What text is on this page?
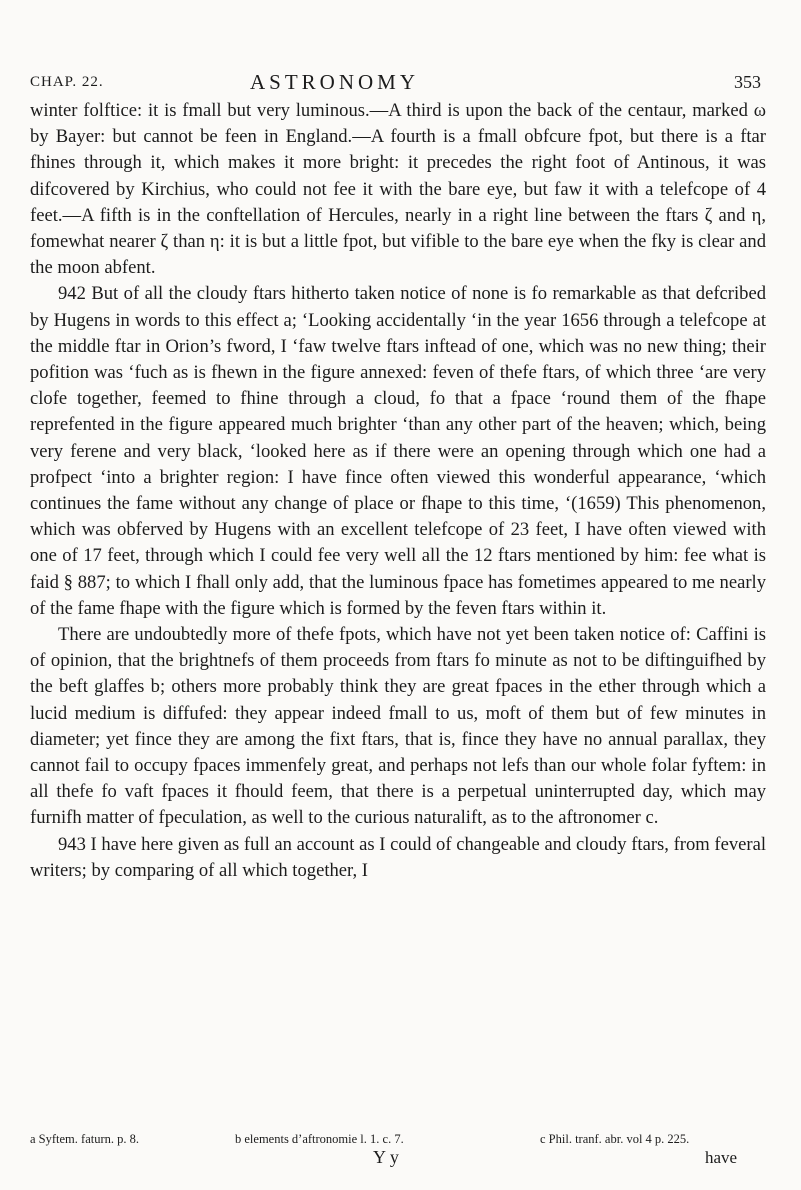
CHAP. 22.	ASTRONOMY	353

winter folftice: it is fmall but very luminous.—A third is upon the back of the centaur, marked ω by Bayer: but cannot be feen in England.—A fourth is a fmall obfcure fpot, but there is a ftar fhines through it, which makes it more bright: it precedes the right foot of Antinous, it was difcovered by Kirchius, who could not fee it with the bare eye, but faw it with a telefcope of 4 feet.—A fifth is in the conftellation of Hercules, nearly in a right line between the ftars ζ and η, fomewhat nearer ζ than η: it is but a little fpot, but vifible to the bare eye when the fky is clear and the moon abfent.

942 But of all the cloudy ftars hitherto taken notice of none is fo remarkable as that defcribed by Hugens in words to this effect a; ‘Looking accidentally ‘in the year 1656 through a telefcope at the middle ftar in Orion’s fword, I ‘faw twelve ftars inftead of one, which was no new thing; their pofition was ‘fuch as is fhewn in the figure annexed: feven of thefe ftars, of which three ‘are very clofe together, feemed to fhine through a cloud, fo that a fpace ‘round them of the fhape reprefented in the figure appeared much brighter ‘than any other part of the heaven; which, being very ferene and very black, ‘looked here as if there were an opening through which one had a profpect ‘into a brighter region: I have fince often viewed this wonderful appearance, ‘which continues the fame without any change of place or fhape to this time, ‘(1659) This phenomenon, which was obferved by Hugens with an excellent telefcope of 23 feet, I have often viewed with one of 17 feet, through which I could fee very well all the 12 ftars mentioned by him: fee what is faid § 887; to which I fhall only add, that the luminous fpace has fometimes appeared to me nearly of the fame fhape with the figure which is formed by the feven ftars within it.

There are undoubtedly more of thefe fpots, which have not yet been taken notice of: Caffini is of opinion, that the brightnefs of them proceeds from ftars fo minute as not to be diftinguifhed by the beft glaffes b; others more probably think they are great fpaces in the ether through which a lucid medium is diffufed: they appear indeed fmall to us, moft of them but of few minutes in diameter; yet fince they are among the fixt ftars, that is, fince they have no annual parallax, they cannot fail to occupy fpaces immenfely great, and perhaps not lefs than our whole folar fyftem: in all thefe fo vaft fpaces it fhould feem, that there is a perpetual uninterrupted day, which may furnifh matter of fpeculation, as well to the curious naturalift, as to the aftronomer c.

943 I have here given as full an account as I could of changeable and cloudy ftars, from feveral writers; by comparing of all which together, I

a Syftem. faturn. p. 8.	b elements d’aftronomie l. 1. c. 7.	c Phil. tranf. abr. vol 4 p. 225.
Y y	have
